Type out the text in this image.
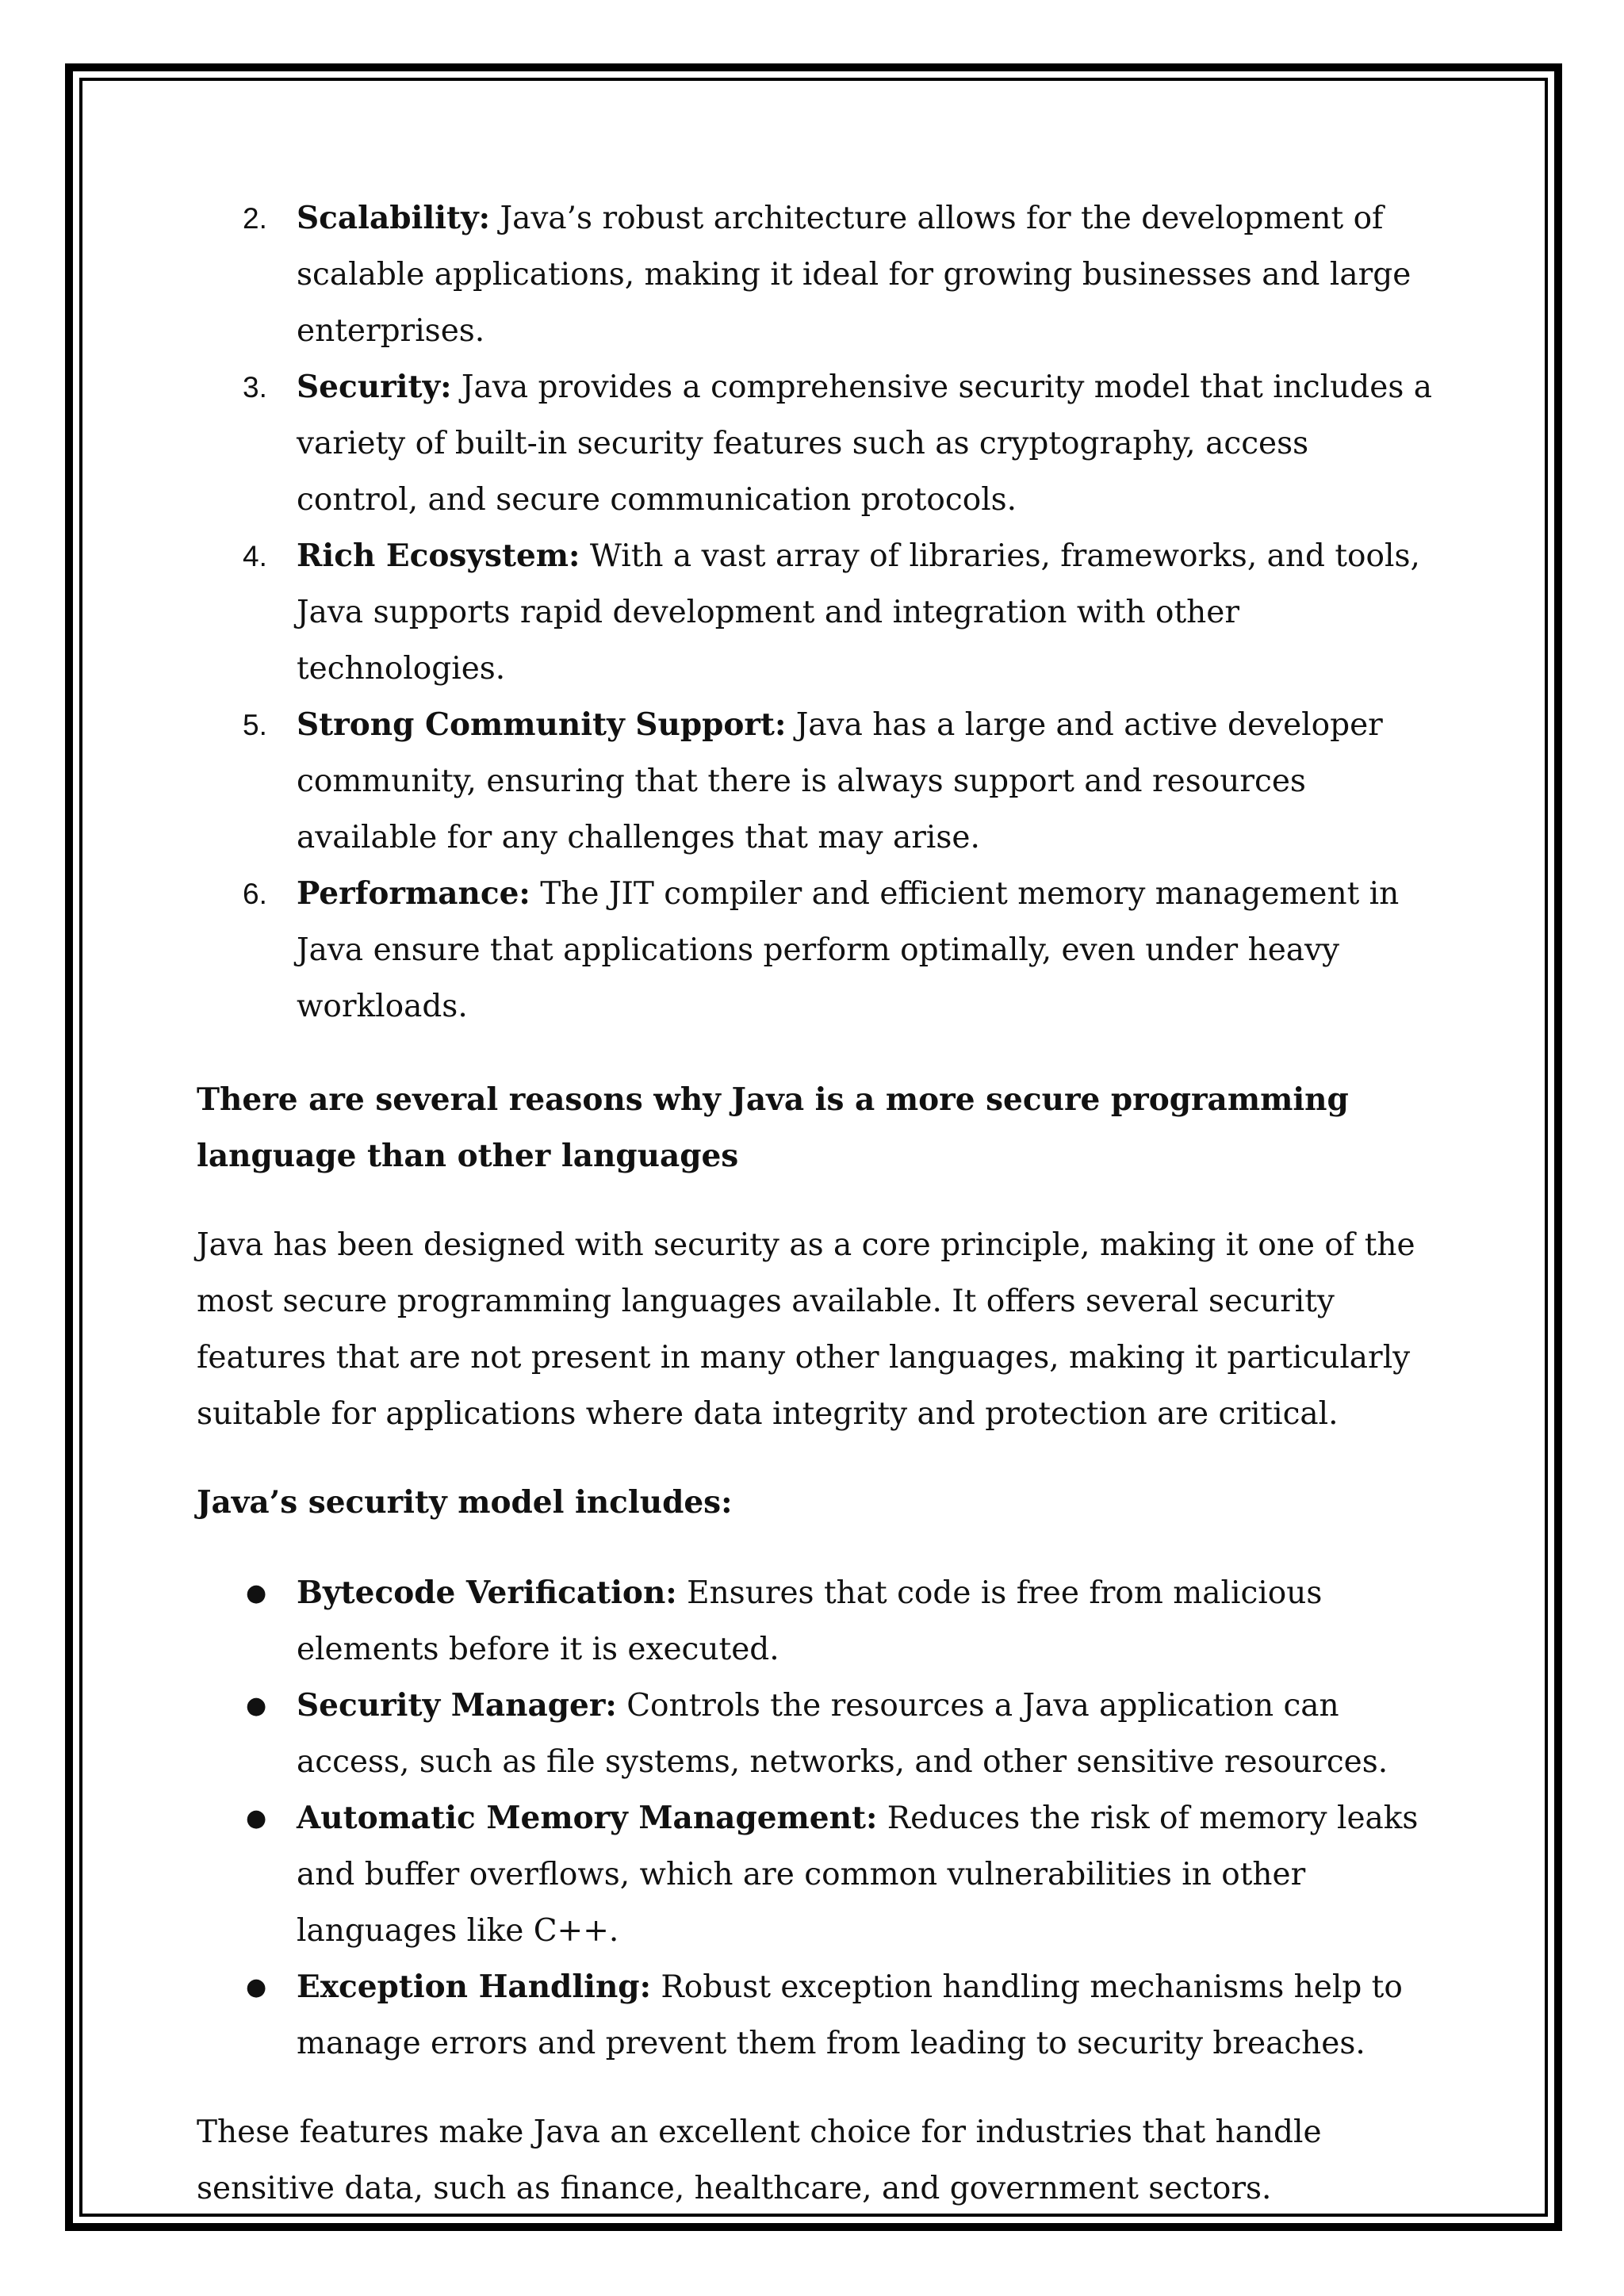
2. Scalability: Java’s robust architecture allows for the development of scalable applications, making it ideal for growing businesses and large enterprises.
3. Security: Java provides a comprehensive security model that includes a variety of built-in security features such as cryptography, access control, and secure communication protocols.
4. Rich Ecosystem: With a vast array of libraries, frameworks, and tools, Java supports rapid development and integration with other technologies.
5. Strong Community Support: Java has a large and active developer community, ensuring that there is always support and resources available for any challenges that may arise.
6. Performance: The JIT compiler and efficient memory management in Java ensure that applications perform optimally, even under heavy workloads.

There are several reasons why Java is a more secure programming language than other languages

Java has been designed with security as a core principle, making it one of the most secure programming languages available. It offers several security features that are not present in many other languages, making it particularly suitable for applications where data integrity and protection are critical.

Java’s security model includes:

● Bytecode Verification: Ensures that code is free from malicious elements before it is executed.
● Security Manager: Controls the resources a Java application can access, such as file systems, networks, and other sensitive resources.
● Automatic Memory Management: Reduces the risk of memory leaks and buffer overflows, which are common vulnerabilities in other languages like C++.
● Exception Handling: Robust exception handling mechanisms help to manage errors and prevent them from leading to security breaches.

These features make Java an excellent choice for industries that handle sensitive data, such as finance, healthcare, and government sectors.
